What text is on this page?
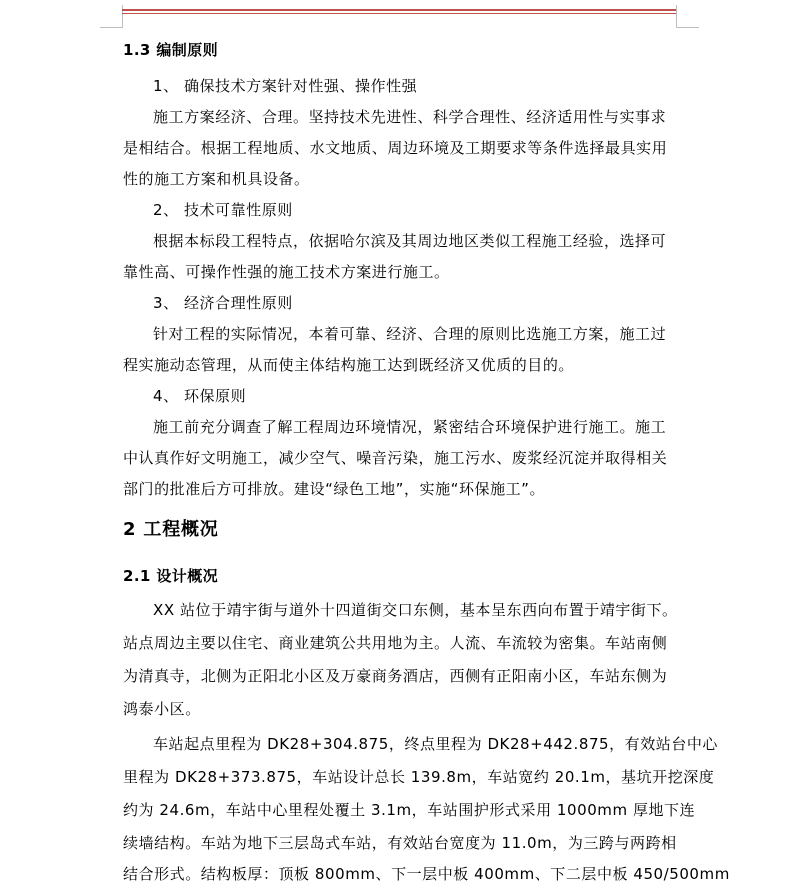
1.3 编制原则
1、 确保技术方案针对性强、操作性强
施工方案经济、合理。坚持技术先进性、科学合理性、经济适用性与实事求
是相结合。根据工程地质、水文地质、周边环境及工期要求等条件选择最具实用
性的施工方案和机具设备。
2、 技术可靠性原则
根据本标段工程特点，依据哈尔滨及其周边地区类似工程施工经验，选择可
靠性高、可操作性强的施工技术方案进行施工。
3、 经济合理性原则
针对工程的实际情况，本着可靠、经济、合理的原则比选施工方案，施工过
程实施动态管理，从而使主体结构施工达到既经济又优质的目的。
4、 环保原则
施工前充分调查了解工程周边环境情况，紧密结合环境保护进行施工。施工
中认真作好文明施工，减少空气、噪音污染，施工污水、废浆经沉淀并取得相关
部门的批准后方可排放。建设“绿色工地”，实施“环保施工”。
2 工程概况
2.1 设计概况
XX 站位于靖宇街与道外十四道街交口东侧，基本呈东西向布置于靖宇街下。
站点周边主要以住宅、商业建筑公共用地为主。人流、车流较为密集。车站南侧
为清真寺，北侧为正阳北小区及万豪商务酒店，西侧有正阳南小区，车站东侧为
鸿泰小区。
车站起点里程为 DK28+304.875，终点里程为 DK28+442.875，有效站台中心
里程为 DK28+373.875，车站设计总长 139.8m，车站宽约 20.1m，基坑开挖深度
约为 24.6m，车站中心里程处覆土 3.1m，车站围护形式采用 1000mm 厚地下连
续墙结构。车站为地下三层岛式车站，有效站台宽度为 11.0m，为三跨与两跨相
结合形式。结构板厚：顶板 800mm、下一层中板 400mm、下二层中板 450/500mm
